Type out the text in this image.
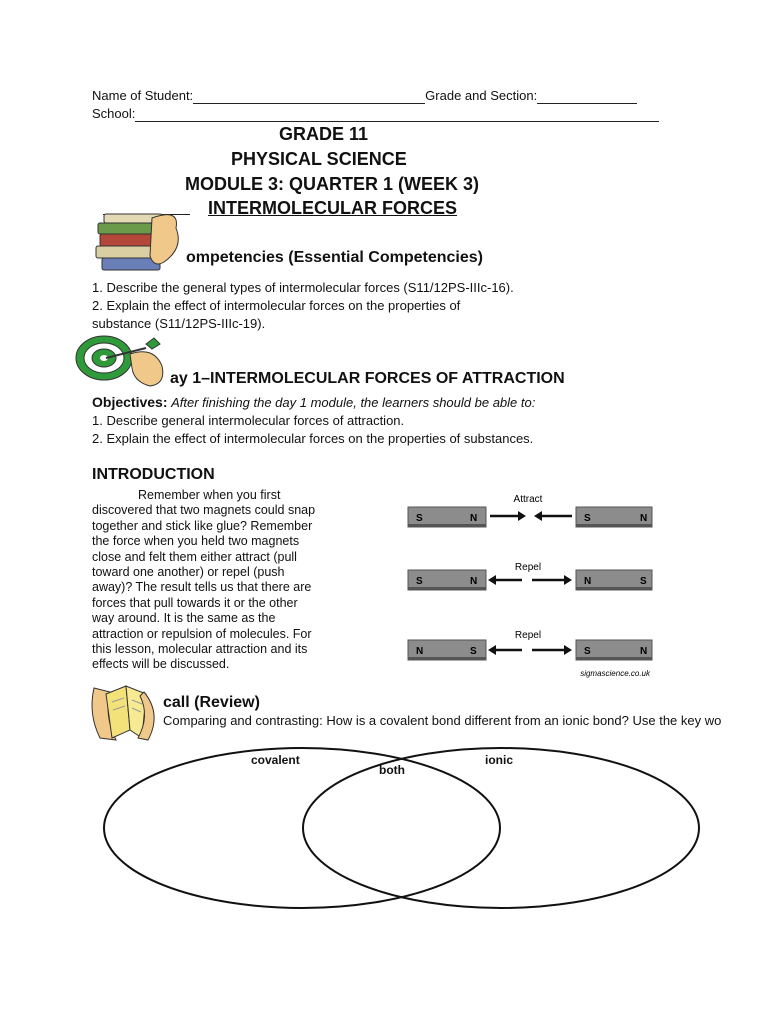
Name of Student:	Grade and Section:
School:
GRADE 11
PHYSICAL SCIENCE
MODULE 3: QUARTER 1 (WEEK 3)
INTERMOLECULAR FORCES
ompetencies (Essential Competencies)
1. Describe the general types of intermolecular forces (S11/12PS-IIIc-16).
2. Explain the effect of intermolecular forces on the properties of
substance (S11/12PS-IIIc-19).
ay 1–INTERMOLECULAR FORCES OF ATTRACTION
Objectives: After finishing the day 1 module, the learners should be able to:
1. Describe general intermolecular forces of attraction.
2. Explain the effect of intermolecular forces on the properties of substances.
INTRODUCTION
Remember when you first
discovered that two magnets could snap
together and stick like glue? Remember
the force when you held two magnets
close and felt them either attract (pull
toward one another) or repel (push
away)? The result tells us that there are
forces that pull towards it or the other
way around. It is the same as the
attraction or repulsion of molecules. For
this lesson, molecular attraction and its
effects will be discussed.
Attract
S	N	S	N
Repel
S	N	N	S
Repel
N	S	S	N
sigmascience.co.uk
call (Review)
Comparing and contrasting: How is a covalent bond different from an ionic bond? Use the key wo
covalent
both
ionic
